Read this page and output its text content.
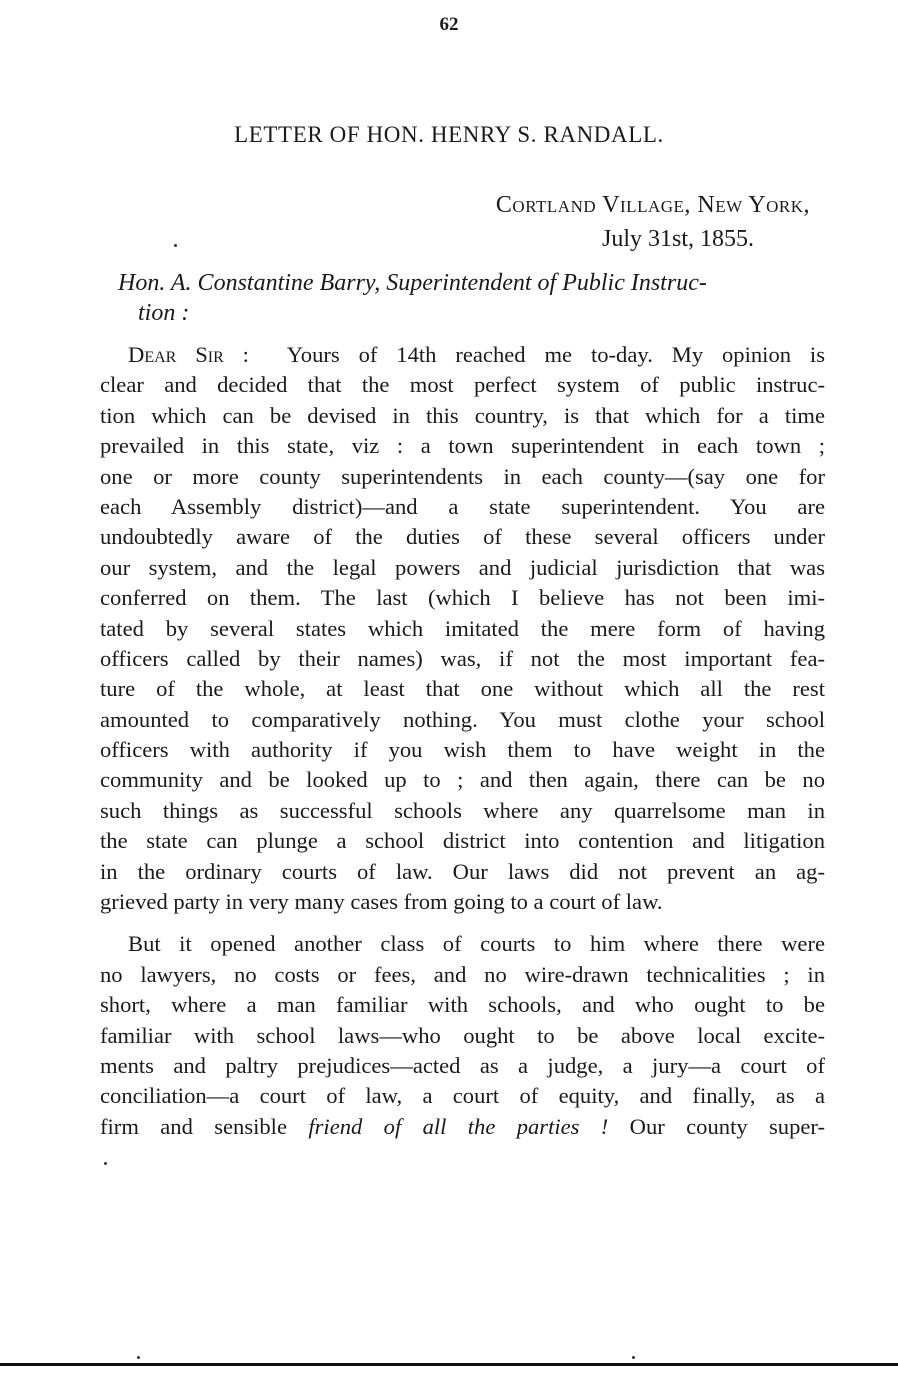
62
LETTER OF HON. HENRY S. RANDALL.
Cortland Village, New York,
July 31st, 1855.
Hon. A. Constantine Barry, Superintendent of Public Instruc-
tion :
Dear Sir : Yours of 14th reached me to-day. My opinion is
clear and decided that the most perfect system of public instruc-
tion which can be devised in this country, is that which for a time
prevailed in this state, viz : a town superintendent in each town ;
one or more county superintendents in each county—(say one for
each Assembly district)—and a state superintendent. You are
undoubtedly aware of the duties of these several officers under
our system, and the legal powers and judicial jurisdiction that was
conferred on them. The last (which I believe has not been imi-
tated by several states which imitated the mere form of having
officers called by their names) was, if not the most important fea-
ture of the whole, at least that one without which all the rest
amounted to comparatively nothing. You must clothe your school
officers with authority if you wish them to have weight in the
community and be looked up to ; and then again, there can be no
such things as successful schools where any quarrelsome man in
the state can plunge a school district into contention and litigation
in the ordinary courts of law. Our laws did not prevent an ag-
grieved party in very many cases from going to a court of law.
But it opened another class of courts to him where there were
no lawyers, no costs or fees, and no wire-drawn technicalities ; in
short, where a man familiar with schools, and who ought to be
familiar with school laws—who ought to be above local excite-
ments and paltry prejudices—acted as a judge, a jury—a court of
conciliation—a court of law, a court of equity, and finally, as a
firm and sensible friend of all the parties ! Our county super-
